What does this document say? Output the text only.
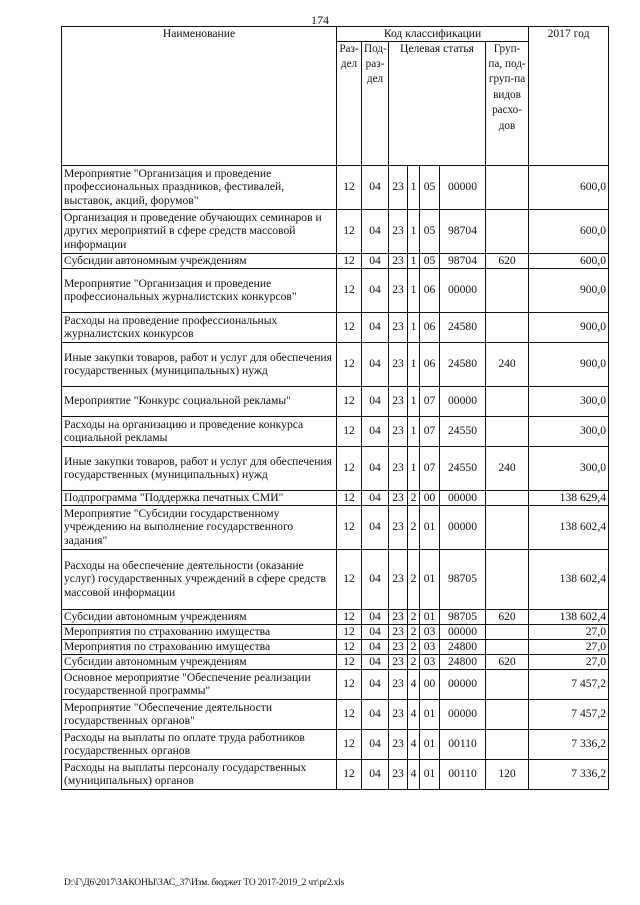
174
Наименование	Код классификации							2017 год
	Раз-дел	Под-раз-дел	Целевая статья				Груп-па, под-груп-па видов расхо-дов	

Мероприятие "Организация и проведение профессиональных праздников, фестивалей, выставок, акций, форумов"	12	04	23	1	05	00000		600,0
Организация и проведение обучающих семинаров и других мероприятий в сфере средств массовой информации	12	04	23	1	05	98704		600,0
Субсидии автономным учреждениям	12	04	23	1	05	98704	620	600,0
Мероприятие "Организация и проведение профессиональных журналистских конкурсов"	12	04	23	1	06	00000		900,0
Расходы на проведение профессиональных журналистских конкурсов	12	04	23	1	06	24580		900,0
Иные закупки товаров, работ и услуг для обеспечения государственных (муниципальных) нужд	12	04	23	1	06	24580	240	900,0
Мероприятие "Конкурс социальной рекламы"	12	04	23	1	07	00000		300,0
Расходы на организацию и проведение конкурса социальной рекламы	12	04	23	1	07	24550		300,0
Иные закупки товаров, работ и услуг для обеспечения государственных (муниципальных) нужд	12	04	23	1	07	24550	240	300,0
Подпрограмма "Поддержка печатных СМИ"	12	04	23	2	00	00000		138 629,4
Мероприятие "Субсидии государственному учреждению на выполнение государственного задания"	12	04	23	2	01	00000		138 602,4
Расходы на обеспечение деятельности (оказание услуг) государственных учреждений в сфере средств массовой информации	12	04	23	2	01	98705		138 602,4
Субсидии автономным учреждениям	12	04	23	2	01	98705	620	138 602,4
Мероприятия по страхованию имущества	12	04	23	2	03	00000		27,0
Мероприятия по страхованию имущества	12	04	23	2	03	24800		27,0
Субсидии автономным учреждениям	12	04	23	2	03	24800	620	27,0
Основное мероприятие "Обеспечение реализации государственной программы"	12	04	23	4	00	00000		7 457,2
Мероприятие "Обеспечение деятельности государственных органов"	12	04	23	4	01	00000		7 457,2
Расходы на выплаты по оплате труда работников государственных органов	12	04	23	4	01	00110		7 336,2
Расходы на выплаты персоналу государственных (муниципальных) органов	12	04	23	4	01	00110	120	7 336,2
D:\Г\Д6\2017\ЗАКОНЫ\ЗАС_37\Изм. бюджет ТО 2017-2019_2 чт\pr2.xls
